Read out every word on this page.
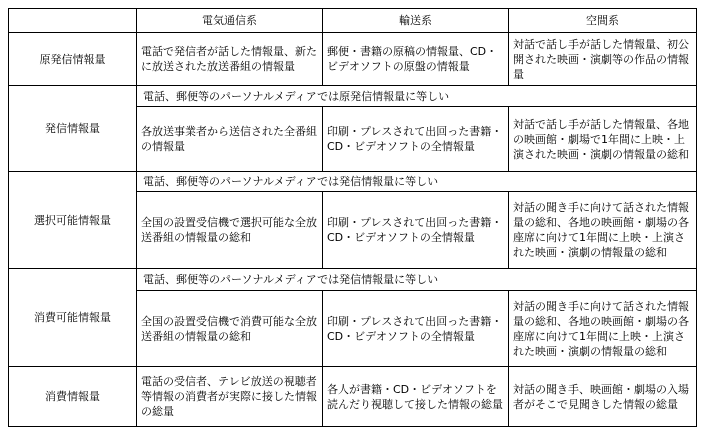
	電気通信系	輸送系	空間系
原発信情報量	電話で発信者が話した情報量、新たに放送された放送番組の情報量	郵便・書籍の原稿の情報量、CD・ビデオソフトの原盤の情報量	対話で話し手が話した情報量、初公開された映画・演劇等の作品の情報量
発信情報量	電話、郵便等のパーソナルメディアでは原発信情報量に等しい		
	各放送事業者から送信された全番組の情報量	印刷・プレスされて出回った書籍・CD・ビデオソフトの全情報量	対話で話し手が話した情報量、各地の映画館・劇場で1年間に上映・上演された映画・演劇の情報量の総和
選択可能情報量	電話、郵便等のパーソナルメディアでは発信情報量に等しい		
	全国の設置受信機で選択可能な全放送番組の情報量の総和	印刷・プレスされて出回った書籍・CD・ビデオソフトの全情報量	対話の聞き手に向けて話された情報量の総和、各地の映画館・劇場の各座席に向けて1年間に上映・上演された映画・演劇の情報量の総和
消費可能情報量	電話、郵便等のパーソナルメディアでは発信情報量に等しい		
	全国の設置受信機で消費可能な全放送番組の情報量の総和	印刷・プレスされて出回った書籍・CD・ビデオソフトの全情報量	対話の聞き手に向けて話された情報量の総和、各地の映画館・劇場の各座席に向けて1年間に上映・上演された映画・演劇の情報量の総和
消費情報量	電話の受信者、テレビ放送の視聴者等情報の消費者が実際に接した情報の総量	各人が書籍・CD・ビデオソフトを読んだり視聴して接した情報の総量	対話の聞き手、映画館・劇場の入場者がそこで見聞きした情報の総量
